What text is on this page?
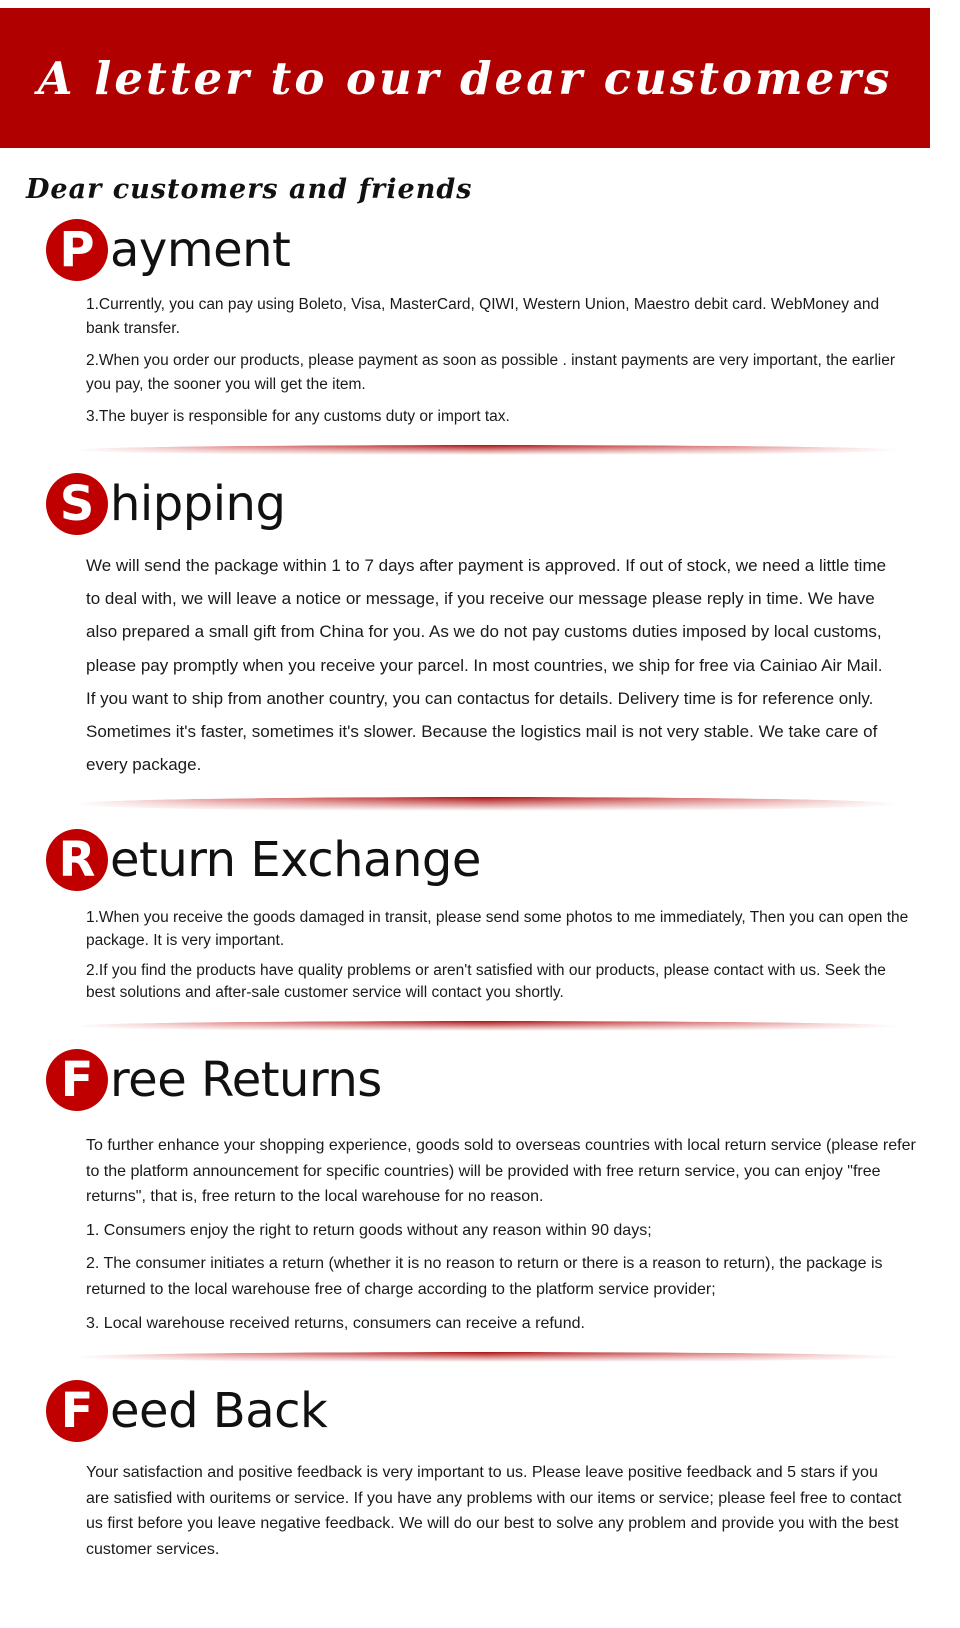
A letter to our dear customers
Dear customers and friends
P ayment

1.Currently, you can pay using Boleto, Visa, MasterCard, QIWI, Western Union, Maestro debit card. WebMoney and bank transfer.

2.When you order our products, please payment as soon as possible . instant payments are very important, the earlier you pay, the sooner you will get the item.

3.The buyer is responsible for any customs duty or import tax.

S hipping

We will send the package within 1 to 7 days after payment is approved. If out of stock, we need a little time to deal with, we will leave a notice or message, if you receive our message please reply in time. We have also prepared a small gift from China for you. As we do not pay customs duties imposed by local customs, please pay promptly when you receive your parcel. In most countries, we ship for free via Cainiao Air Mail. If you want to ship from another country, you can contactus for details. Delivery time is for reference only. Sometimes it's faster, sometimes it's slower. Because the logistics mail is not very stable. We take care of every package.

R eturn Exchange

1.When you receive the goods damaged in transit, please send some photos to me immediately, Then you can open the package. It is very important.

2.If you find the products have quality problems or aren't satisfied with our products, please contact with us. Seek the best solutions and after-sale customer service will contact you shortly.

F ree Returns

To further enhance your shopping experience, goods sold to overseas countries with local return service (please refer to the platform announcement for specific countries) will be provided with free return service, you can enjoy "free returns", that is, free return to the local warehouse for no reason.

1. Consumers enjoy the right to return goods without any reason within 90 days;

2. The consumer initiates a return (whether it is no reason to return or there is a reason to return), the package is returned to the local warehouse free of charge according to the platform service provider;

3. Local warehouse received returns, consumers can receive a refund.

F eed Back

Your satisfaction and positive feedback is very important to us. Please leave positive feedback and 5 stars if you are satisfied with ouritems or service. If you have any problems with our items or service; please feel free to contact us first before you leave negative feedback. We will do our best to solve any problem and provide you with the best customer services.
